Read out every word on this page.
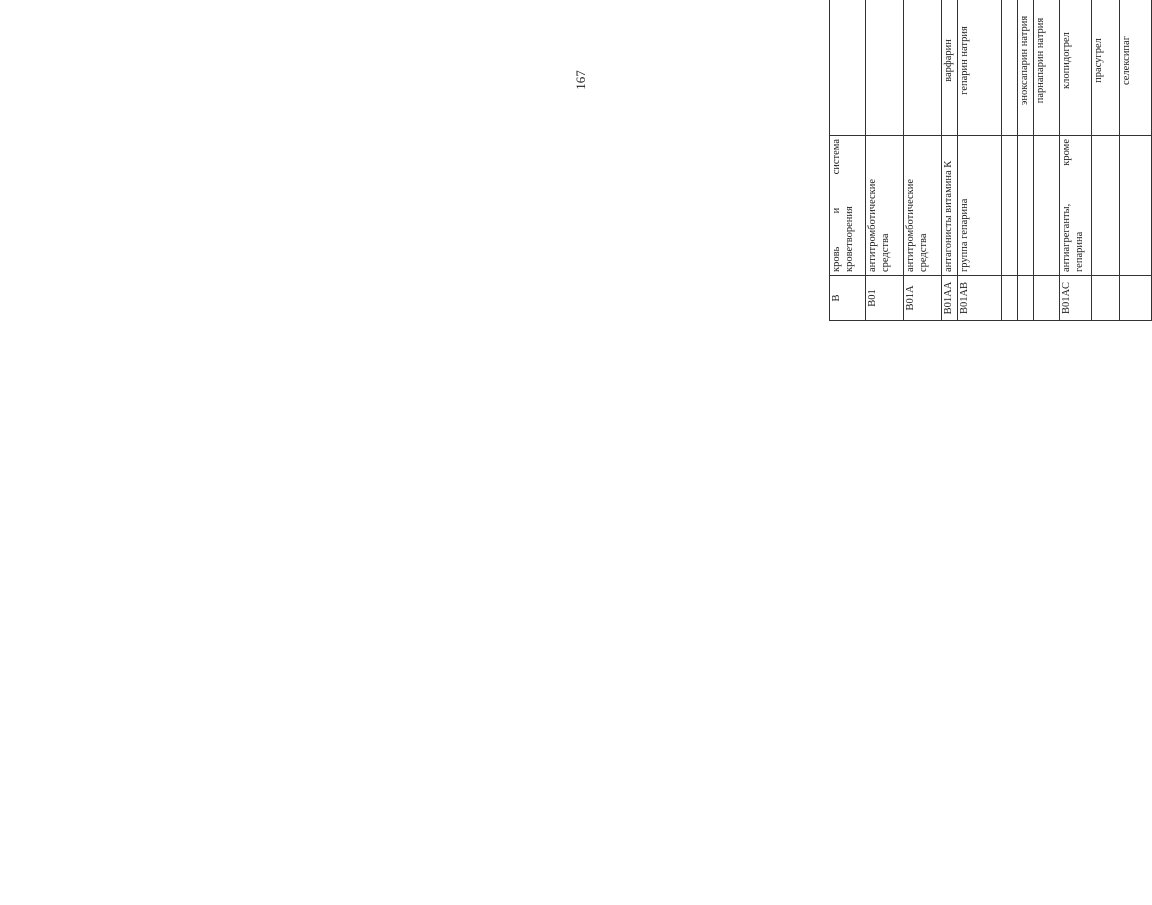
167

B	кровь и система кроветворения			
B01	антитромботические средства			
B01A	антитромботические средства			
B01AA	антагонисты витамина К	варфарин		
B01AB	группа гепарина	гепарин натрия		

		эноксапарин натрия		
		парнапарин натрия		
B01AC	антиагреганты, кроме гепарина	клопидогрел		
		прасугрел		
		селексипаг		
